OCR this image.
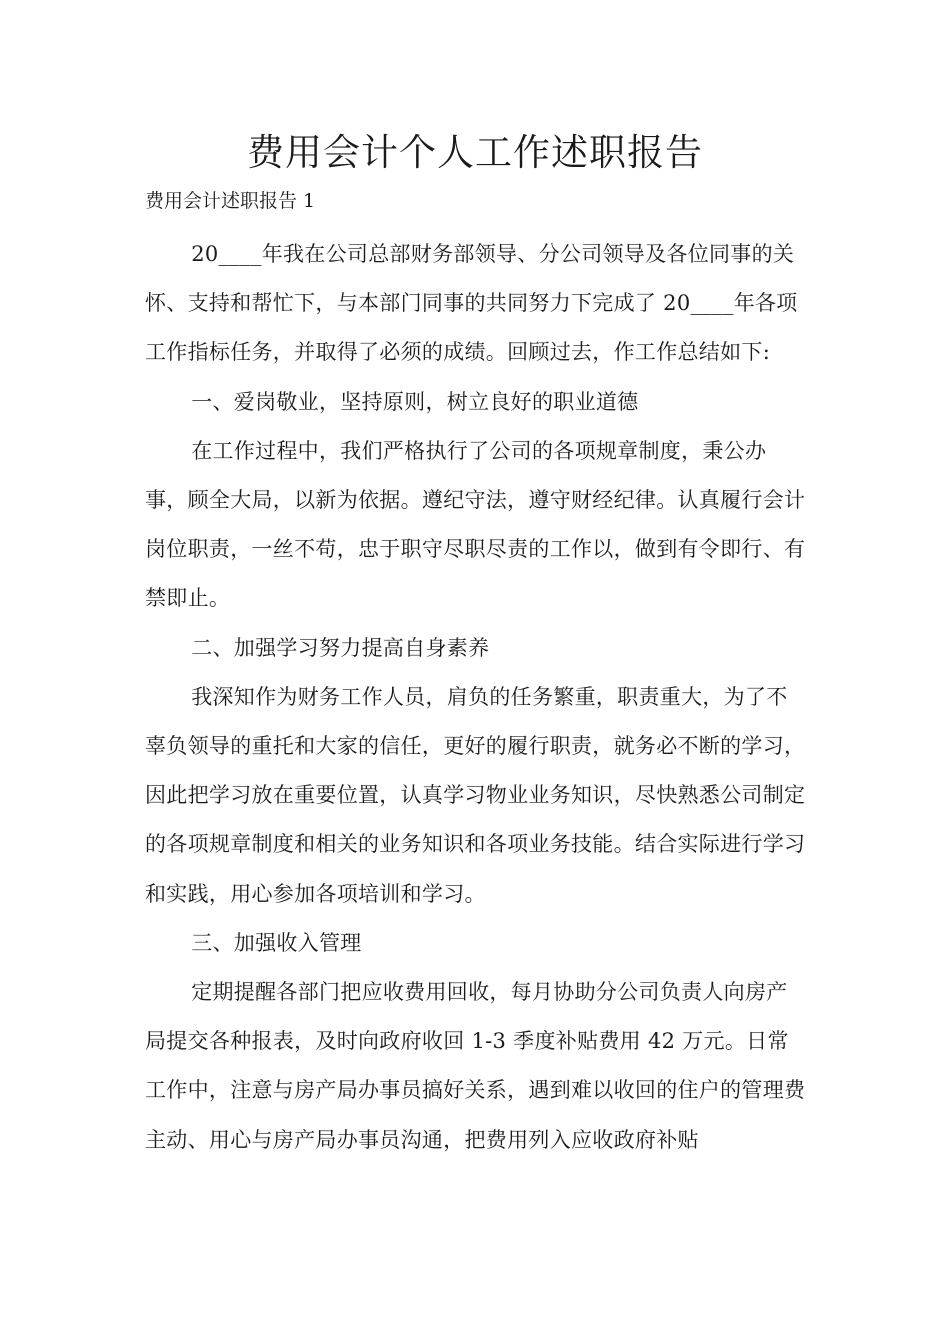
费用会计个人工作述职报告
费用会计述职报告 1

20____年我在公司总部财务部领导、分公司领导及各位同事的关怀、支持和帮忙下，与本部门同事的共同努力下完成了 20____年各项工作指标任务，并取得了必须的成绩。回顾过去，作工作总结如下:

一、爱岗敬业，坚持原则，树立良好的职业道德

在工作过程中，我们严格执行了公司的各项规章制度，秉公办事，顾全大局，以新为依据。遵纪守法，遵守财经纪律。认真履行会计岗位职责，一丝不苟，忠于职守尽职尽责的工作以，做到有令即行、有禁即止。

二、加强学习努力提高自身素养

我深知作为财务工作人员，肩负的任务繁重，职责重大，为了不辜负领导的重托和大家的信任，更好的履行职责，就务必不断的学习，因此把学习放在重要位置，认真学习物业业务知识，尽快熟悉公司制定的各项规章制度和相关的业务知识和各项业务技能。结合实际进行学习和实践，用心参加各项培训和学习。

三、加强收入管理

定期提醒各部门把应收费用回收，每月协助分公司负责人向房产局提交各种报表，及时向政府收回 1-3 季度补贴费用 42 万元。日常工作中，注意与房产局办事员搞好关系，遇到难以收回的住户的管理费主动、用心与房产局办事员沟通，把费用列入应收政府补贴
